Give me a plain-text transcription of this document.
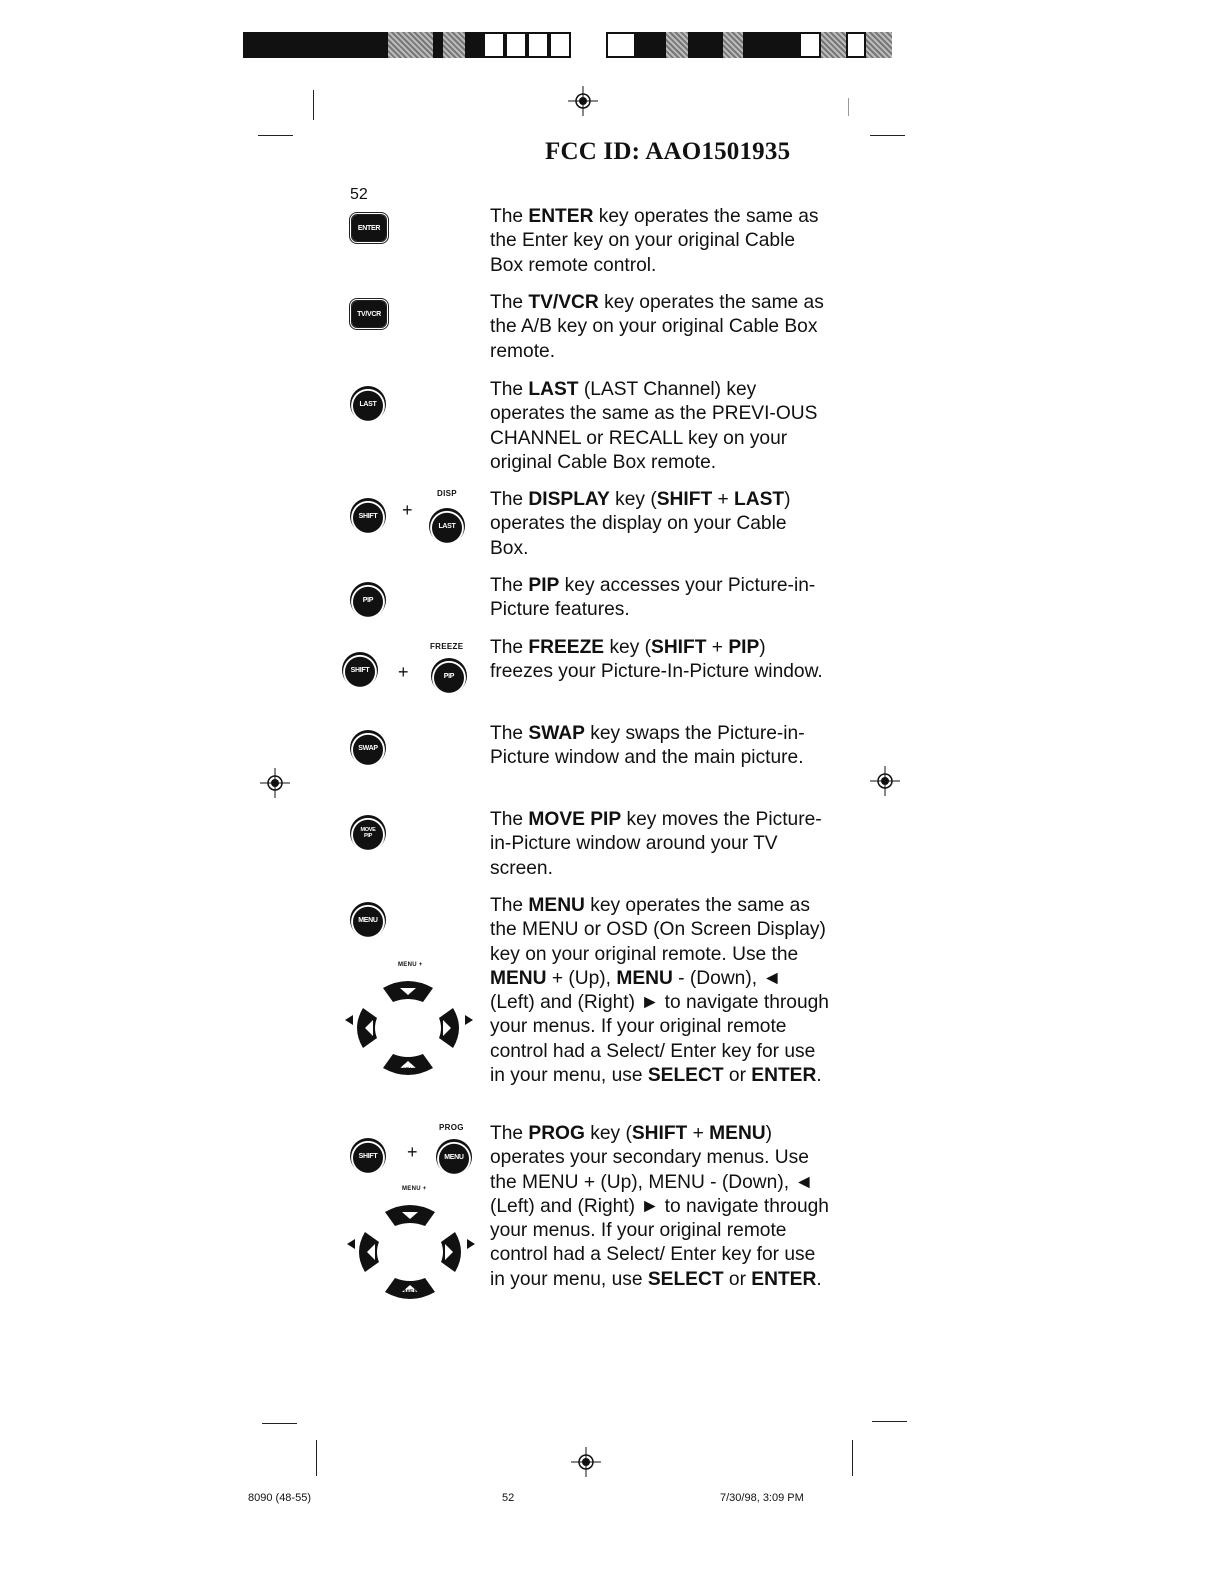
FCC ID: AAO1501935
52
ENTER
TV/VCR
LAST
SHIFT +
DISP
LAST
PIP
SHIFT +
FREEZE
PIP
SWAP
MOVE PIP
MENU
MENU +
MENU -
SHIFT +
PROG
MENU
MENU +
MENU -
The ENTER key operates the same as the Enter key on your original Cable Box remote control.
The TV/VCR key operates the same as the A/B key on your original Cable Box remote.
The LAST (LAST Channel) key operates the same as the PREVI-OUS CHANNEL or RECALL key on your original Cable Box remote.
The DISPLAY key (SHIFT + LAST) operates the display on your Cable Box.
The PIP key accesses your Picture-in-Picture features.
The FREEZE key (SHIFT + PIP) freezes your Picture-In-Picture window.
The SWAP key swaps the Picture-in-Picture window and the main picture.
The MOVE PIP key moves the Picture-in-Picture window around your TV screen.
The MENU key operates the same as the MENU or OSD (On Screen Display) key on your original remote. Use the MENU + (Up), MENU - (Down), ◄ (Left) and (Right) ► to navigate through your menus. If your original remote control had a Select/ Enter key for use in your menu, use SELECT or ENTER.
The PROG key (SHIFT + MENU) operates your secondary menus. Use the MENU + (Up), MENU - (Down), ◄ (Left) and (Right) ► to navigate through your menus. If your original remote control had a Select/ Enter key for use in your menu, use SELECT or ENTER.
8090 (48-55)	52	7/30/98, 3:09 PM
